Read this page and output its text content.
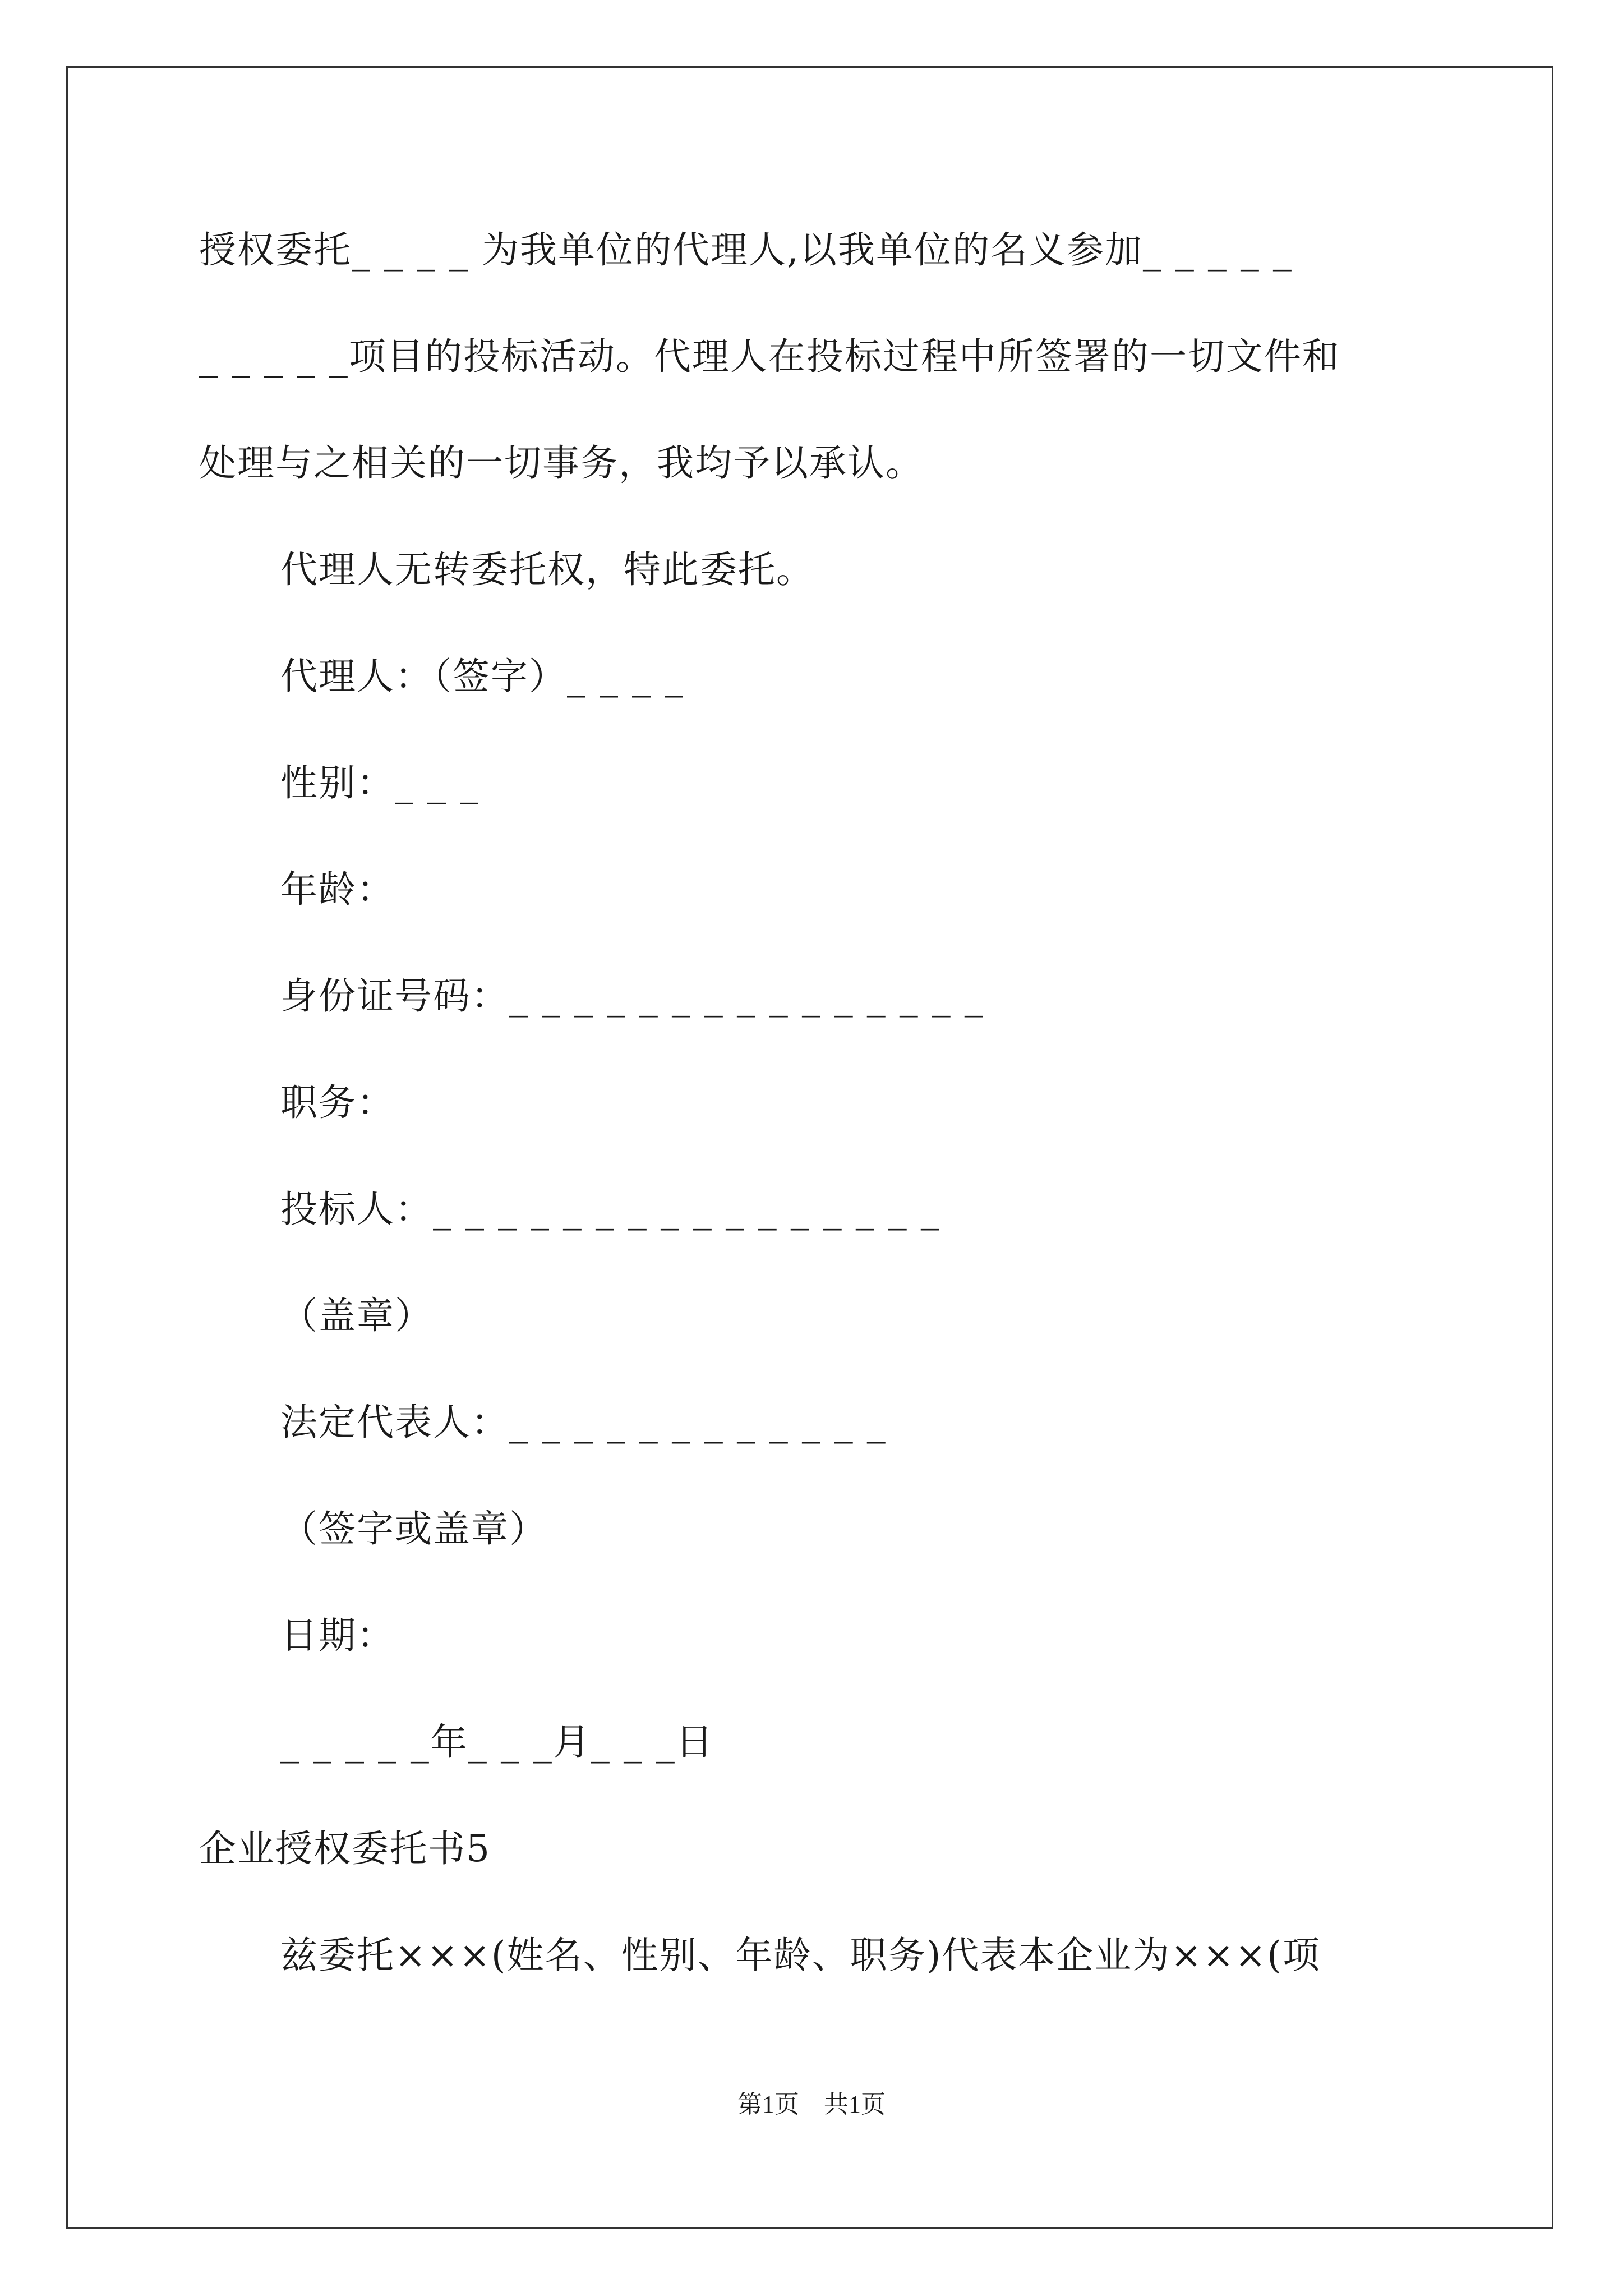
授权委托_ _ _ _ 为我单位的代理人,以我单位的名义参加_ _ _ _ _
_ _ _ _ _项目的投标活动。代理人在投标过程中所签署的一切文件和
处理与之相关的一切事务，我均予以承认。
代理人无转委托权，特此委托。
代理人：（签字）_ _ _ _
性别：_ _ _
年龄：
身份证号码：_ _ _ _ _ _ _ _ _ _ _ _ _ _ _
职务：
投标人：_ _ _ _ _ _ _ _ _ _ _ _ _ _ _ _
（盖章）
法定代表人：_ _ _ _ _ _ _ _ _ _ _ _
（签字或盖章）
日期：
_ _ _ _ _年_ _ _月_ _ _日
企业授权委托书5
兹委托×××(姓名、性别、年龄、职务)代表本企业为×××(项
第1页　共1页
